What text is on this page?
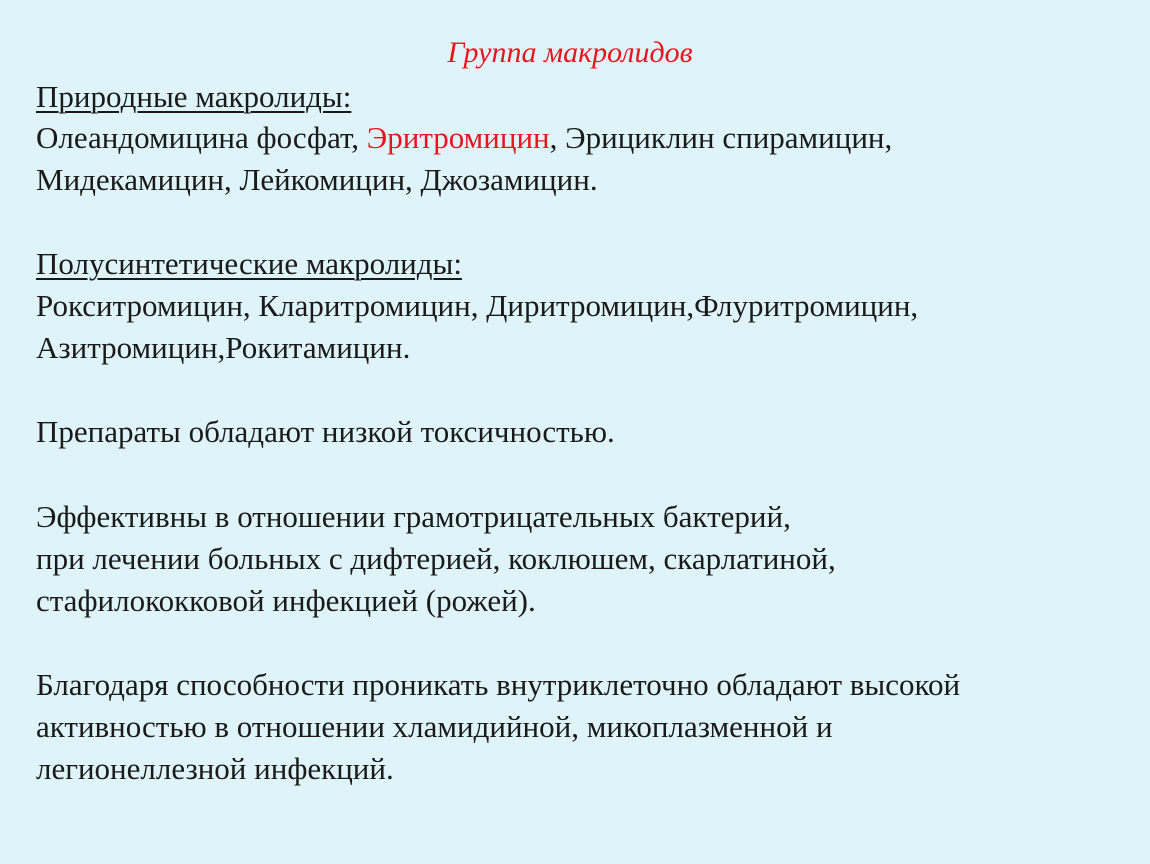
Группа макролидов
Природные макролиды:
Олеандомицина фосфат, Эритромицин, Эрициклин спирамицин,
Мидекамицин, Лейкомицин, Джозамицин.
Полусинтетические макролиды:
Рокситромицин, Кларитромицин, Диритромицин,Флуритромицин,
Азитромицин,Рокитамицин.
Препараты обладают низкой токсичностью.
Эффективны в отношении грамотрицательных бактерий,
при лечении больных с дифтерией, коклюшем, скарлатиной,
стафилококковой инфекцией (рожей).
Благодаря способности проникать внутриклеточно обладают высокой
активностью в отношении хламидийной, микоплазменной и
легионеллезной инфекций.
